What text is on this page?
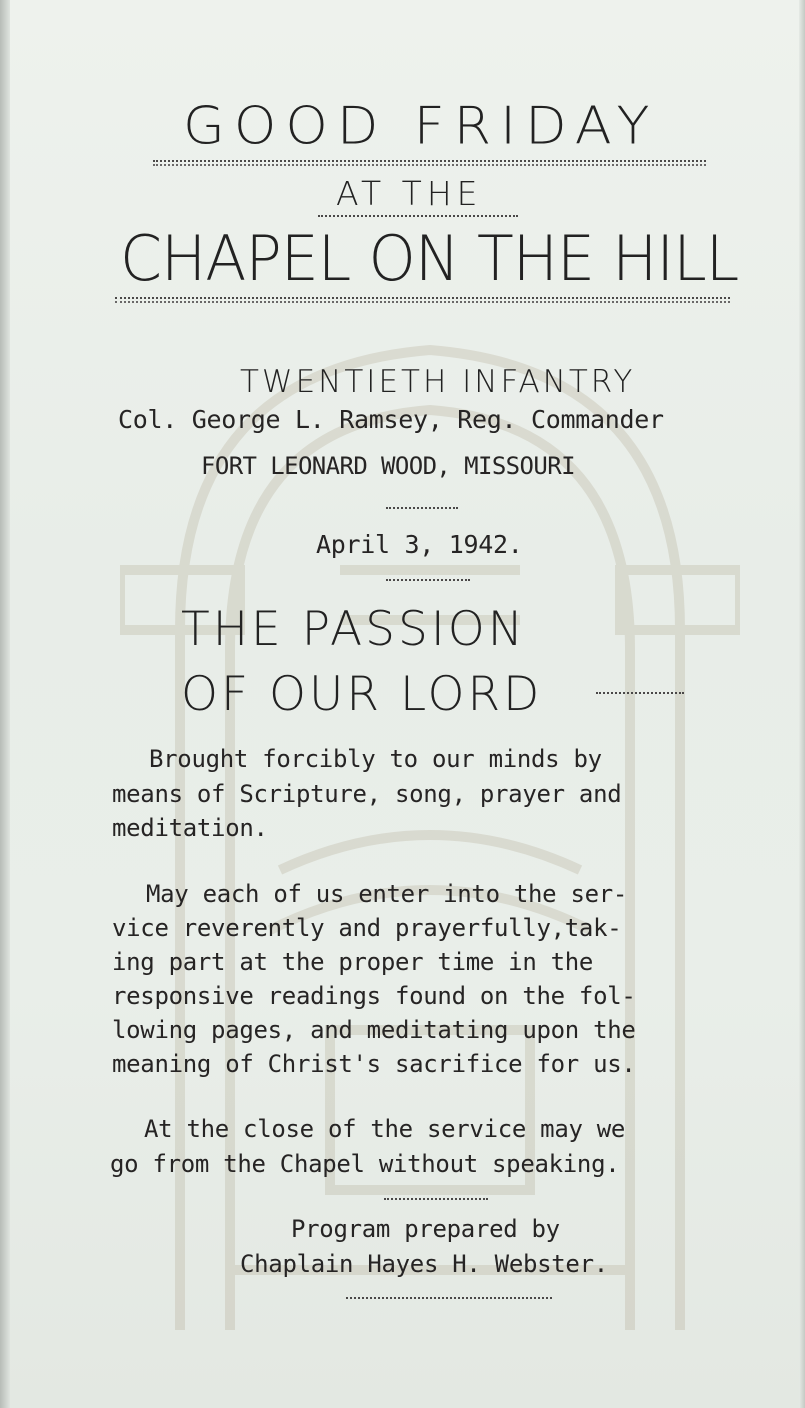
GOOD FRIDAY
AT THE
CHAPEL ON THE HILL
TWENTIETH INFANTRY
Col. George L. Ramsey, Reg. Commander
FORT LEONARD WOOD, MISSOURI
April 3, 1942.
THE PASSION
OF OUR LORD
Brought forcibly to our minds by
means of Scripture, song, prayer and
meditation.
May each of us enter into the ser-
vice reverently and prayerfully,tak-
ing part at the proper time in the
responsive readings found on the fol-
lowing pages, and meditating upon the
meaning of Christ's sacrifice for us.
At the close of the service may we
go from the Chapel without speaking.
Program prepared by
Chaplain Hayes H. Webster.
